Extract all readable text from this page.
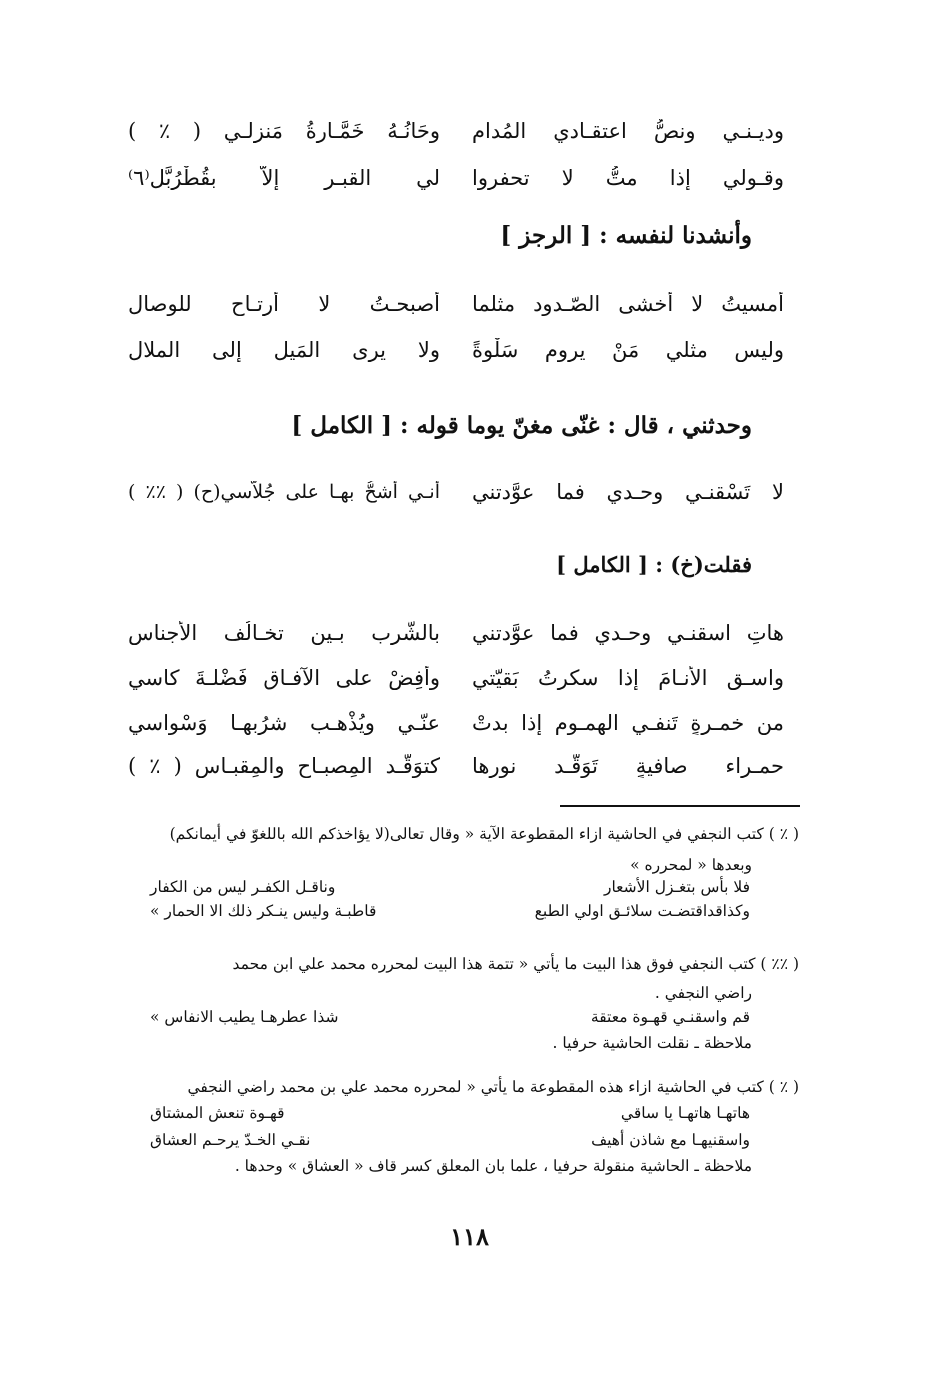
وديـنـي ونصُّ اعتقـادي المُدام
وحَانُـهُ خَمَّـارةُ مَنزلـي ( ٪ )
وقـولي إذا متُّ لا تحفروا
لي القبـر إلاّ بقُطْرُبَّل⁽٦⁾
وأنشدنا لنفسه : [ الرجز ]
أمسيتُ لا أخشى الصّـدود مثلما
أصبحـتُ لا أرتـاح للوصالِ
وليس مثلي مَنْ يروم سَلْوةً
ولا يرى المَيل إلى الملالِ
وحدثني ، قال : غنّى مغنّ يوما قوله : [ الكامل ]
لا تَسْقنـي وحـدي فما عوَّدتني
أنـي أشحُّ بهـا على جُلاّسي(ح) ( ٪٪ )
فقلت(خ) : [ الكامل ]
هاتِ اسقنـي وحـدي فما عوَّدتني
بالشُّرب بـين تخـالُف الأجناسِ
واسـقِ الأنـامَ إذا سكرتُ بَقيّتي
وأفِضْ على الآفـاق فَضْلـةَ كاسي
من خمـرةٍ تَنفـي الهمـوم إذا بدتْ
عنّـي ويُذْهـب شرُبهـا وَسْواسي
حمـراء صافيةٍ تَوَقَّـد نورها
كتوَقُّـد المِصبـاح والمِقبـاس ( ٪ )
( ٪ ) كتب النجفي في الحاشية ازاء المقطوعة الآية « وقال تعالى(لا يؤاخذكم الله باللغوّ في أيمانكم)
وبعدها « لمحرره »
فلا بأس بتغـزل الأشعار
وناقـل الكفـر ليس من الكفار
وكذاقداقتضـت سلائـق اولي الطبع
قاطبـة وليس ينـكر ذلك الا الحمار »
( ٪٪ ) كتب النجفي فوق هذا البيت ما يأتي « تتمة هذا البيت لمحرره محمد علي ابن محمد
راضي النجفي .
قم واسقنـي قهـوة معتقة
شذا عطرهـا يطيب الانفاس »
ملاحظة ـ نقلت الحاشية حرفيا .
( ٪ ) كتب في الحاشية ازاء هذه المقطوعة ما يأتي « لمحرره محمد علي بن محمد راضي النجفي
هاتهـا هاتهـا يا ساقي
قهـوة تنعش المشتاق
واسقنيهـا مع شاذن أهيف
نقـي الخـدّ يرحـم العشاق
ملاحظة ـ الحاشية منقولة حرفيا ، علما بان المعلق كسر قاف « العشاق » وحدها .
١١٨
